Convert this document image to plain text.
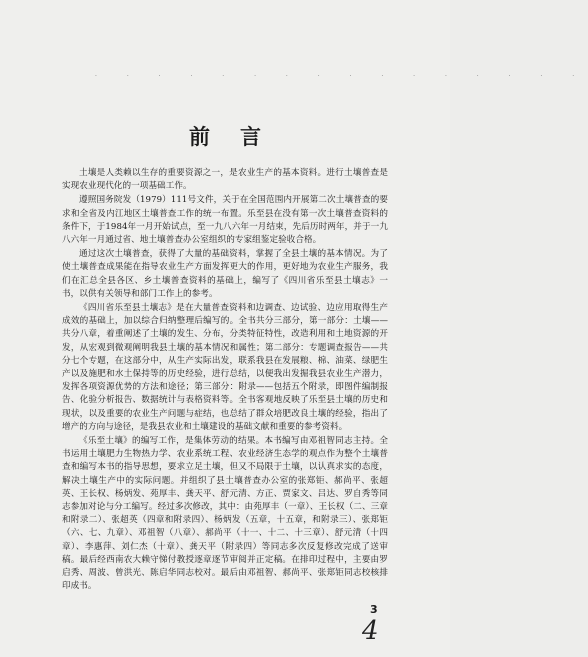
· · · · · · · · · · · · · · · ·
前言

土壤是人类赖以生存的重要资源之一，是农业生产的基本资料。进行土壤普查是实现农业现代化的一项基础工作。

遵照国务院发（1979）111号文件，关于在全国范围内开展第二次土壤普查的要求和全省及内江地区土壤普查工作的统一布置。乐至县在没有第一次土壤普查资料的条件下，于1984年一月开始试点，至一九八六年一月结束，先后历时两年，并于一九八六年一月通过省、地土壤普查办公室组织的专家组鉴定验收合格。

通过这次土壤普查，获得了大量的基础资料，掌握了全县土壤的基本情况。为了使土壤普查成果能在指导农业生产方面发挥更大的作用，更好地为农业生产服务，我们在汇总全县各区、乡土壤普查资料的基础上，编写了《四川省乐至县土壤志》一书，以供有关领导和部门工作上的参考。

《四川省乐至县土壤志》是在大量普查资料和边调查、边试验、边应用取得生产成效的基础上，加以综合归纳整理后编写的。全书共分三部分，第一部分：土壤——共分八章，着重阐述了土壤的发生、分布，分类特征特性，改造利用和土地资源的开发，从宏观到微观阐明我县土壤的基本情况和属性；第二部分：专题调查报告——共分七个专题，在这部分中，从生产实际出发，联系我县在发展粮、棉、油菜、绿肥生产以及施肥和水土保持等的历史经验，进行总结，以便我出发掘我县农业生产潜力，发挥各项资源优势的方法和途径；第三部分：附录——包括五个附录，即图件编制报告、化验分析报告、数据统计与表格资料等。全书客观地反映了乐至县土壤的历史和现状，以及重要的农业生产问题与症结，也总结了群众培肥改良土壤的经验，指出了增产的方向与途径，是我县农业和土壤建设的基础文献和重要的参考资料。

《乐至土壤》的编写工作，是集体劳动的结果。本书编写由邓祖智同志主持。全书运用土壤肥力生物热力学、农业系统工程、农业经济生态学的观点作为整个土壤普查和编写本书的指导思想，要求立足土壤，但又不局限于土壤，以认真求实的态度，解决土壤生产中的实际问题。并组织了县土壤普查办公室的张郑钜、郝尚平、张超英、王长权、杨炳发、苑厚丰、龚天平、舒元清、方正、贾家文、吕达、罗自秀等同志参加对论与分工编写。经过多次修改，其中：由苑厚丰（一章）、王长权（二、三章和附录二）、张超英（四章和附录四）、杨炳发（五章，十五章，和附录三）、张郑钜（六、七、九章）、邓祖智（八章）、郝尚平（十一、十二、十三章）、舒元清（十四章）、李惠萍、刘仁杰（十章）、龚天平（附录四）等同志多次反复修改完成了送审稿。最后经西南农大赖守悌付教授逐章逐节审阅并正定稿。在排印过程中，主要由罗启秀、周波、曾洪光、陈启华同志校对。最后由邓祖智、郝尚平、张郑钜同志校核排印成书。

3
4
